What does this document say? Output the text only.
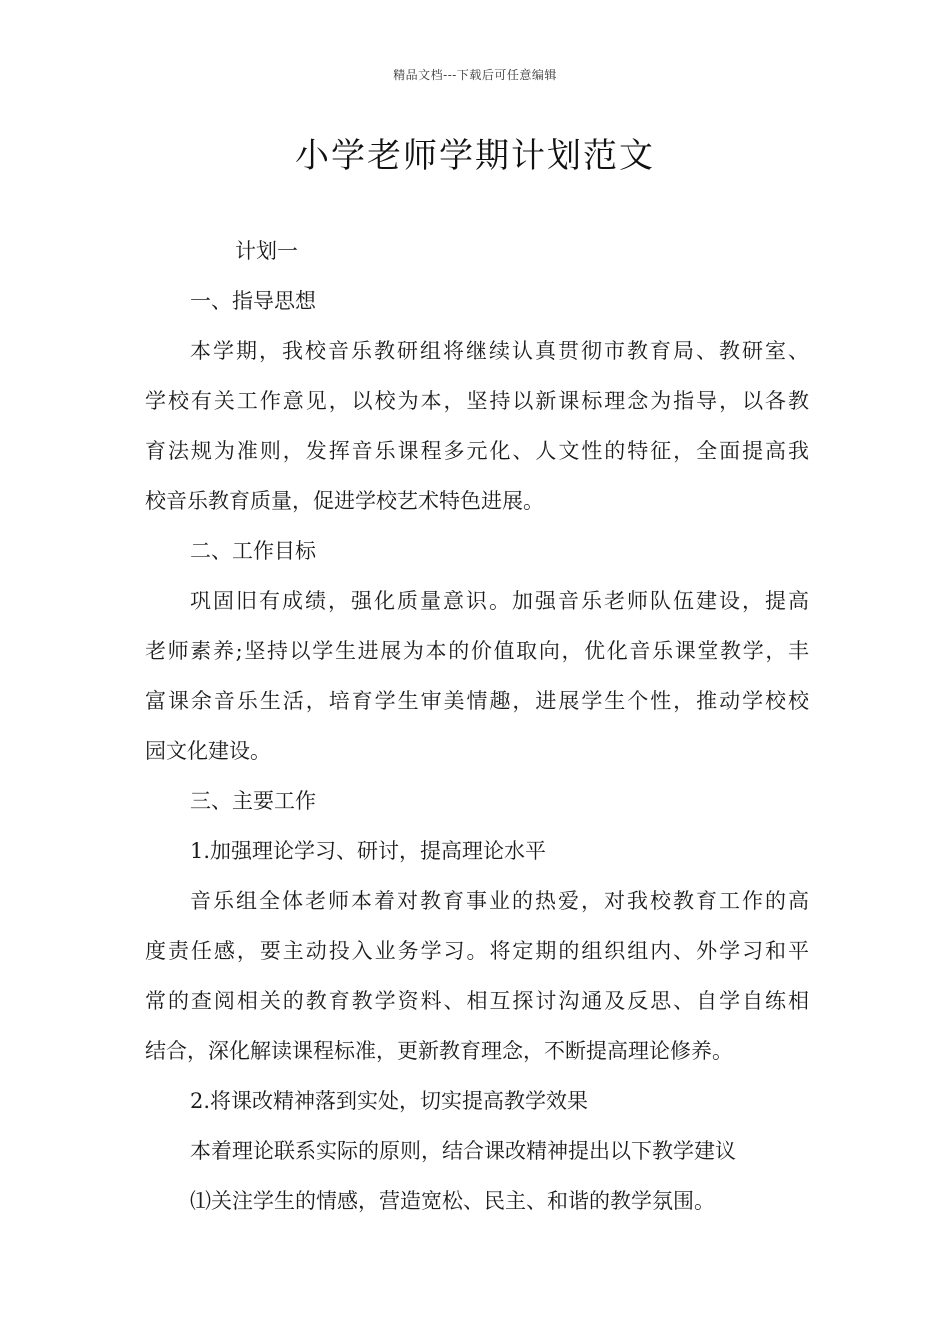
精品文档---下载后可任意编辑
小学老师学期计划范文
计划一
一、指导思想
本学期，我校音乐教研组将继续认真贯彻市教育局、教研室、
学校有关工作意见，以校为本，坚持以新课标理念为指导，以各教
育法规为准则，发挥音乐课程多元化、人文性的特征，全面提高我
校音乐教育质量，促进学校艺术特色进展。
二、工作目标
巩固旧有成绩，强化质量意识。加强音乐老师队伍建设，提高
老师素养;坚持以学生进展为本的价值取向，优化音乐课堂教学，丰
富课余音乐生活，培育学生审美情趣，进展学生个性，推动学校校
园文化建设。
三、主要工作
1.加强理论学习、研讨，提高理论水平
音乐组全体老师本着对教育事业的热爱，对我校教育工作的高
度责任感，要主动投入业务学习。将定期的组织组内、外学习和平
常的查阅相关的教育教学资料、相互探讨沟通及反思、自学自练相
结合，深化解读课程标准，更新教育理念，不断提高理论修养。
2.将课改精神落到实处，切实提高教学效果
本着理论联系实际的原则，结合课改精神提出以下教学建议
⑴关注学生的情感，营造宽松、民主、和谐的教学氛围。
